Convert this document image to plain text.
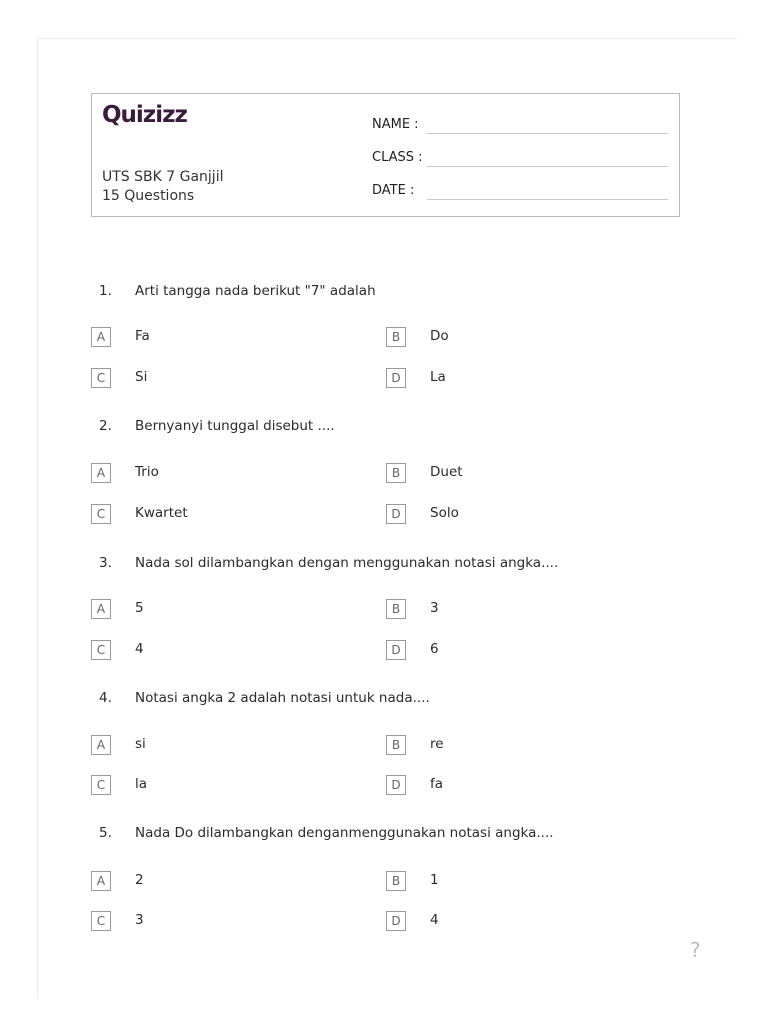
Quizizz
UTS SBK 7 Ganjjil
15 Questions
NAME :
CLASS :
DATE :
1.	Arti tangga nada berikut "7" adalah
A	Fa	B	Do
C	Si	D	La
2.	Bernyanyi tunggal disebut ....
A	Trio	B	Duet
C	Kwartet	D	Solo
3.	Nada sol dilambangkan dengan menggunakan notasi angka....
A	5	B	3
C	4	D	6
4.	Notasi angka 2 adalah notasi untuk nada....
A	si	B	re
C	la	D	fa
5.	Nada Do dilambangkan denganmenggunakan notasi angka....
A	2	B	1
C	3	D	4
?
